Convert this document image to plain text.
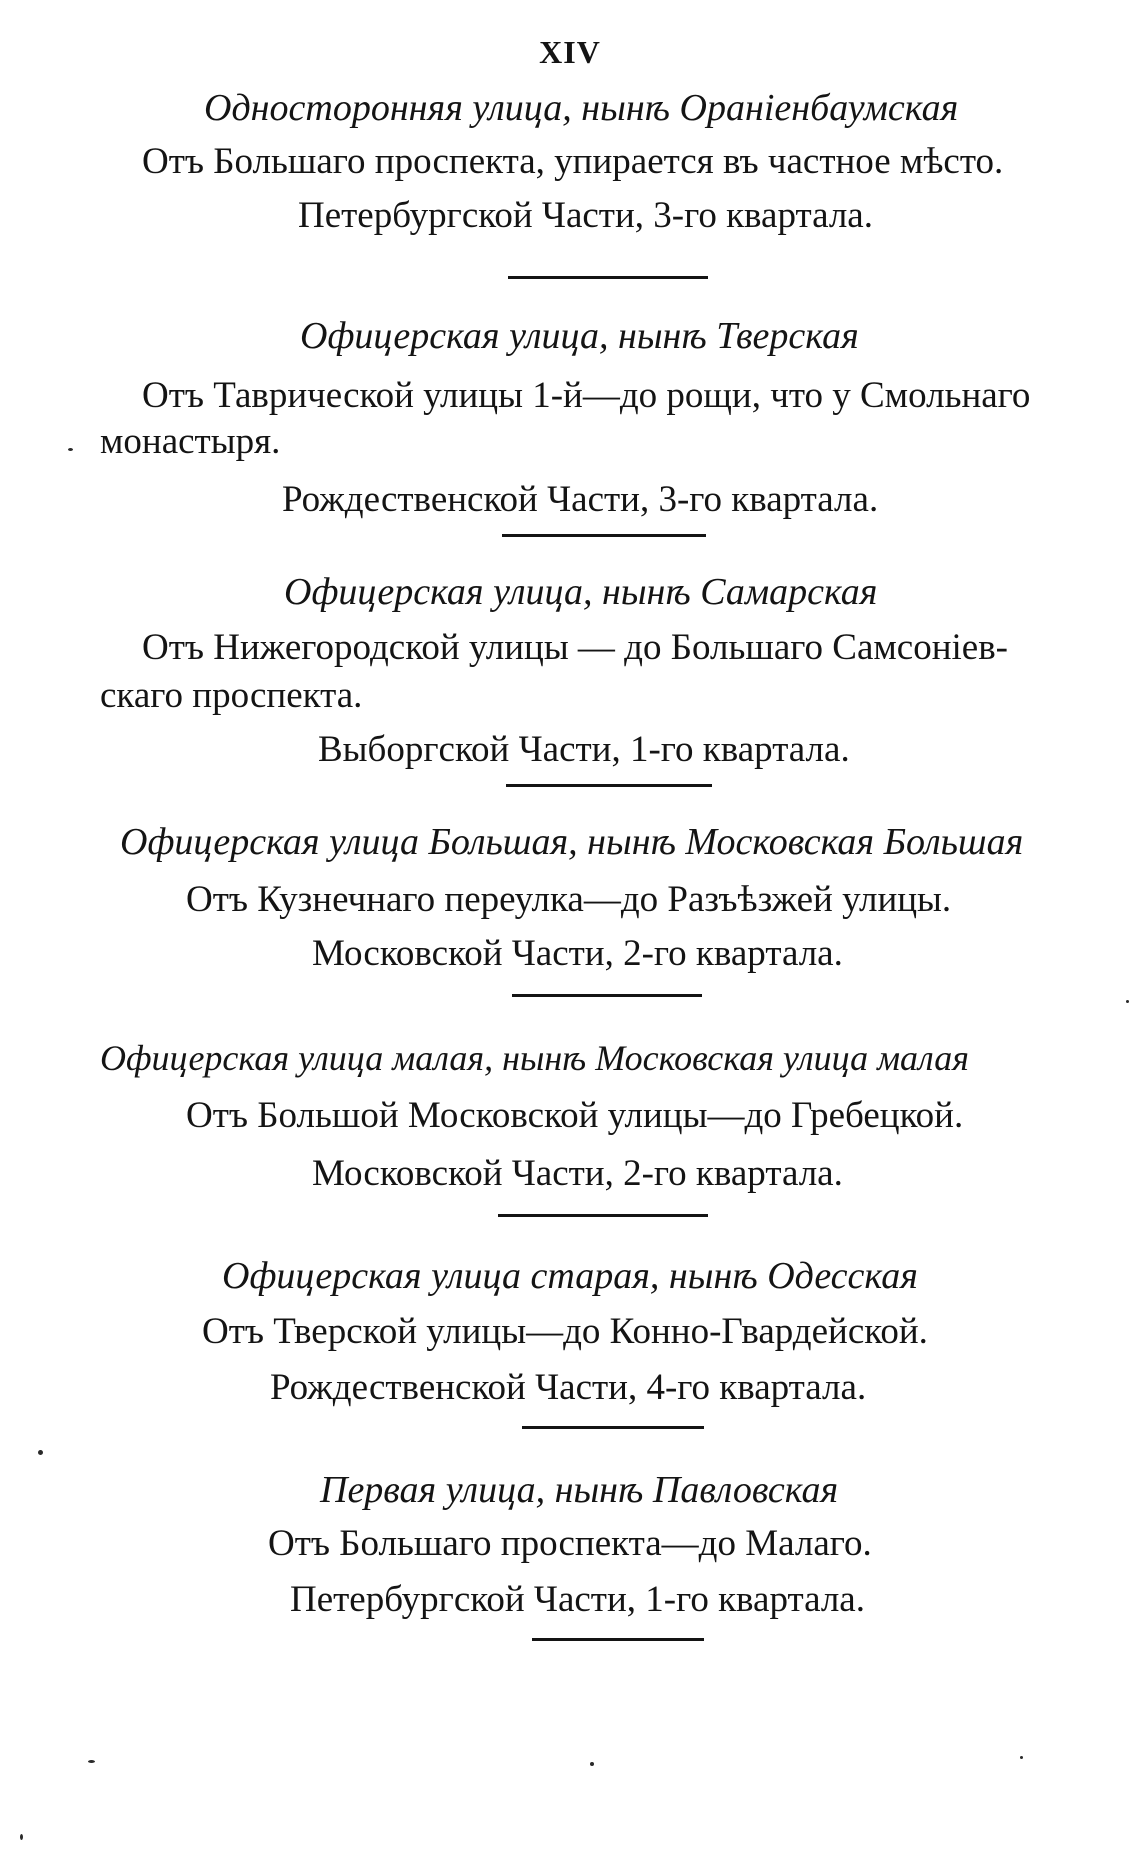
XIV
Односторонняя улица, нынѣ Ораніенбаумская
Отъ Большаго проспекта, упирается въ частное мѣсто.
Петербургской Части, 3-го квартала.
Офицерская улица, нынѣ Тверская
Отъ Таврической улицы 1-й—до рощи, что у Смольнаго
монастыря.
Рождественской Части, 3-го квартала.
Офицерская улица, нынѣ Самарская
Отъ Нижегородской улицы — до Большаго Самсоніев-
скаго проспекта.
Выборгской Части, 1-го квартала.
Офицерская улица Большая, нынѣ Московская Большая
Отъ Кузнечнаго переулка—до Разъѣзжей улицы.
Московской Части, 2-го квартала.
Офицерская улица малая, нынѣ Московская улица малая
Отъ Большой Московской улицы—до Гребецкой.
Московской Части, 2-го квартала.
Офицерская улица старая, нынѣ Одесская
Отъ Тверской улицы—до Конно-Гвардейской.
Рождественской Части, 4-го квартала.
Первая улица, нынѣ Павловская
Отъ Большаго проспекта—до Малаго.
Петербургской Части, 1-го квартала.
